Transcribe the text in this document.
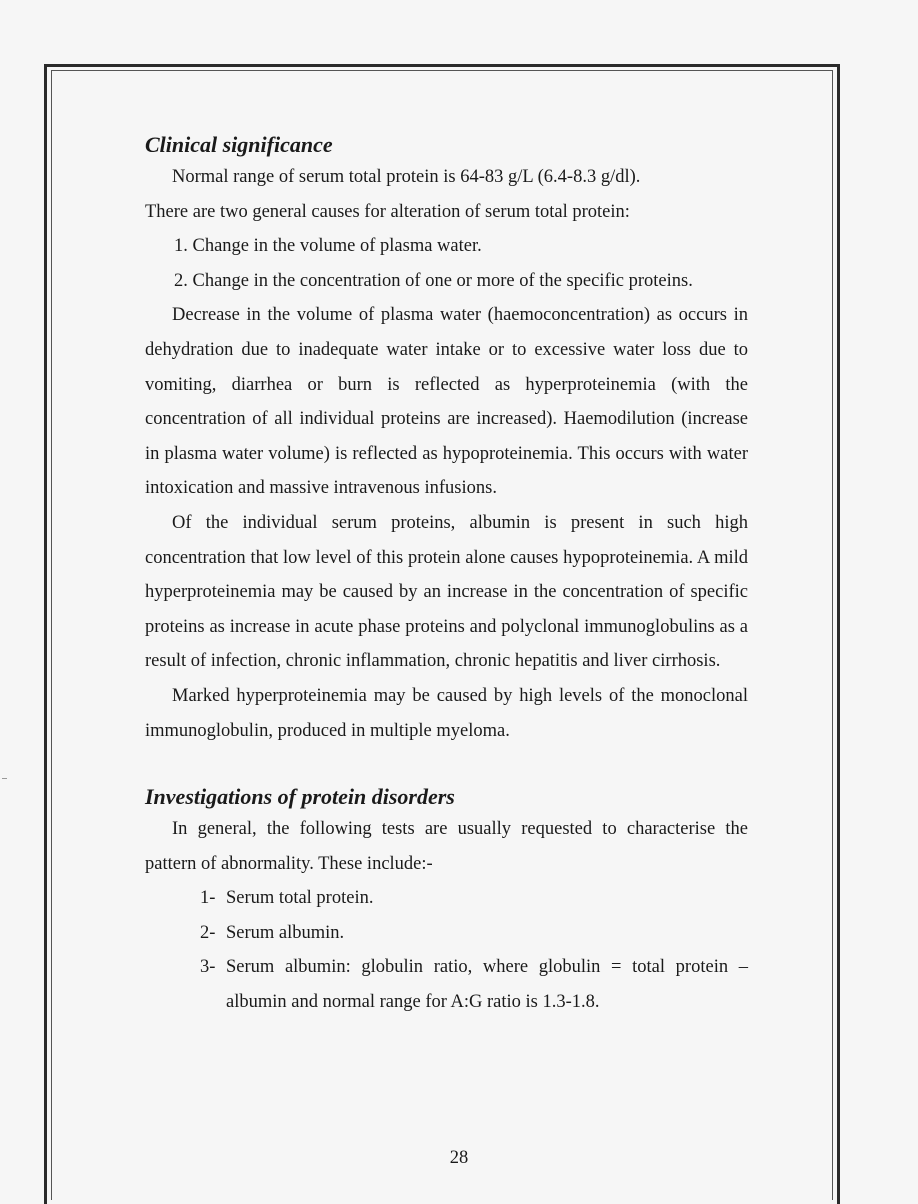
Clinical significance

Normal range of serum total protein is 64-83 g/L (6.4-8.3 g/dl).

There are two general causes for alteration of serum total protein:

1. Change in the volume of plasma water.
2. Change in the concentration of one or more of the specific proteins.

Decrease in the volume of plasma water (haemoconcentration) as occurs in dehydration due to inadequate water intake or to excessive water loss due to vomiting, diarrhea or burn is reflected as hyperproteinemia (with the concentration of all individual proteins are increased). Haemodilution (increase in plasma water volume) is reflected as hypoproteinemia. This occurs with water intoxication and massive intravenous infusions.

Of the individual serum proteins, albumin is present in such high concentration that low level of this protein alone causes hypoproteinemia. A mild hyperproteinemia may be caused by an increase in the concentration of specific proteins as increase in acute phase proteins and polyclonal immunoglobulins as a result of infection, chronic inflammation, chronic hepatitis and liver cirrhosis.

Marked hyperproteinemia may be caused by high levels of the monoclonal immunoglobulin, produced in multiple myeloma.

Investigations of protein disorders

In general, the following tests are usually requested to characterise the pattern of abnormality. These include:-

1- Serum total protein.
2- Serum albumin.
3- Serum albumin: globulin ratio, where globulin = total protein – albumin and normal range for A:G ratio is 1.3-1.8.
28
